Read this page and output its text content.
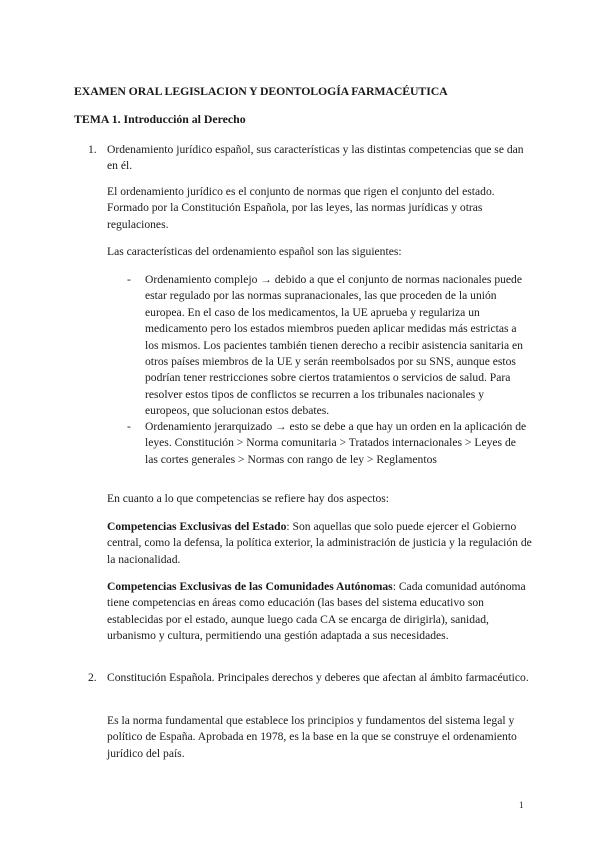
EXAMEN ORAL LEGISLACION Y DEONTOLOGÍA FARMACÉUTICA
TEMA 1. Introducción al Derecho
1. Ordenamiento jurídico español, sus características y las distintas competencias que se dan en él.
El ordenamiento jurídico es el conjunto de normas que rigen el conjunto del estado. Formado por la Constitución Española, por las leyes, las normas jurídicas y otras regulaciones.
Las características del ordenamiento español son las siguientes:
- Ordenamiento complejo → debido a que el conjunto de normas nacionales puede estar regulado por las normas supranacionales, las que proceden de la unión europea. En el caso de los medicamentos, la UE aprueba y regulariza un medicamento pero los estados miembros pueden aplicar medidas más estrictas a los mismos. Los pacientes también tienen derecho a recibir asistencia sanitaria en otros países miembros de la UE y serán reembolsados por su SNS, aunque estos podrían tener restricciones sobre ciertos tratamientos o servicios de salud. Para resolver estos tipos de conflictos se recurren a los tribunales nacionales y europeos, que solucionan estos debates.
- Ordenamiento jerarquizado → esto se debe a que hay un orden en la aplicación de leyes. Constitución > Norma comunitaria > Tratados internacionales > Leyes de las cortes generales > Normas con rango de ley > Reglamentos
En cuanto a lo que competencias se refiere hay dos aspectos:
Competencias Exclusivas del Estado: Son aquellas que solo puede ejercer el Gobierno central, como la defensa, la política exterior, la administración de justicia y la regulación de la nacionalidad.
Competencias Exclusivas de las Comunidades Autónomas: Cada comunidad autónoma tiene competencias en áreas como educación (las bases del sistema educativo son establecidas por el estado, aunque luego cada CA se encarga de dirigirla), sanidad, urbanismo y cultura, permitiendo una gestión adaptada a sus necesidades.
2. Constitución Española. Principales derechos y deberes que afectan al ámbito farmacéutico.
Es la norma fundamental que establece los principios y fundamentos del sistema legal y político de España. Aprobada en 1978, es la base en la que se construye el ordenamiento jurídico del país.
1
